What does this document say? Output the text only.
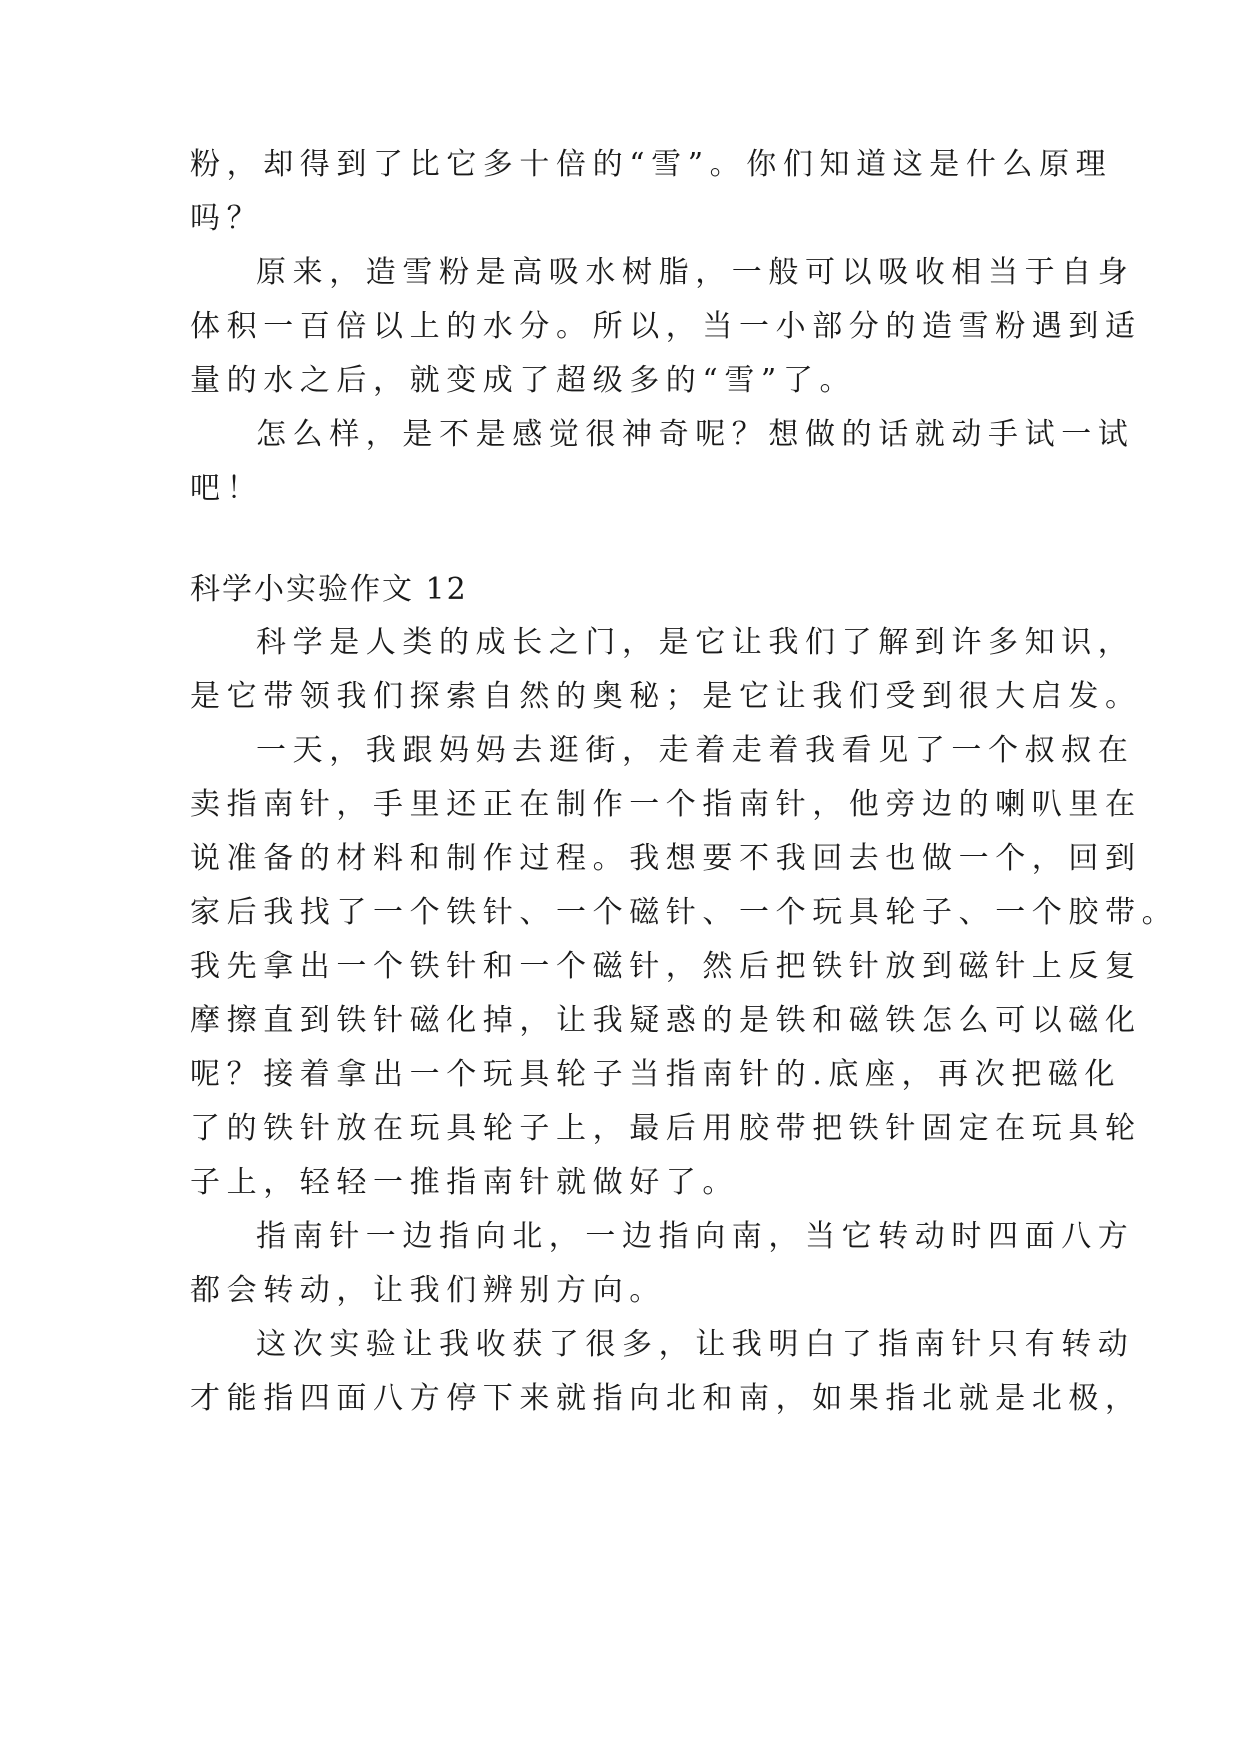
粉，却得到了比它多十倍的“雪”。你们知道这是什么原理
吗？
原来，造雪粉是高吸水树脂，一般可以吸收相当于自身
体积一百倍以上的水分。所以，当一小部分的造雪粉遇到适
量的水之后，就变成了超级多的“雪”了。
怎么样，是不是感觉很神奇呢？想做的话就动手试一试
吧！
科学小实验作文 12
科学是人类的成长之门，是它让我们了解到许多知识，
是它带领我们探索自然的奥秘；是它让我们受到很大启发。
一天，我跟妈妈去逛街，走着走着我看见了一个叔叔在
卖指南针，手里还正在制作一个指南针，他旁边的喇叭里在
说准备的材料和制作过程。我想要不我回去也做一个，回到
家后我找了一个铁针、一个磁针、一个玩具轮子、一个胶带。
我先拿出一个铁针和一个磁针，然后把铁针放到磁针上反复
摩擦直到铁针磁化掉，让我疑惑的是铁和磁铁怎么可以磁化
呢？接着拿出一个玩具轮子当指南针的.底座，再次把磁化
了的铁针放在玩具轮子上，最后用胶带把铁针固定在玩具轮
子上，轻轻一推指南针就做好了。
指南针一边指向北，一边指向南，当它转动时四面八方
都会转动，让我们辨别方向。
这次实验让我收获了很多，让我明白了指南针只有转动
才能指四面八方停下来就指向北和南，如果指北就是北极，
